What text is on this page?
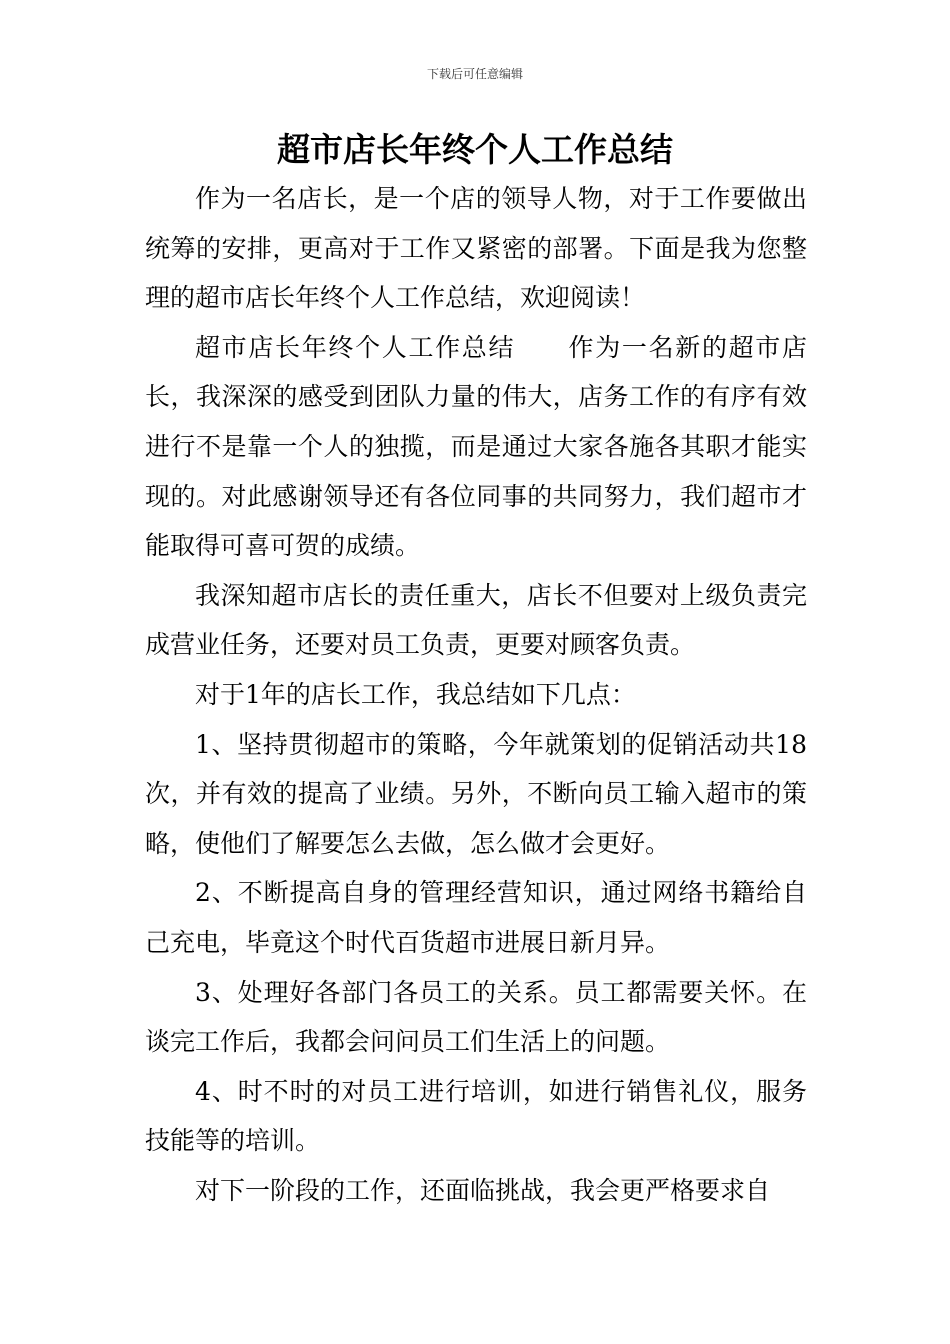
下载后可任意编辑
超市店长年终个人工作总结

作为一名店长，是一个店的领导人物，对于工作要做出统筹的安排，更高对于工作又紧密的部署。下面是我为您整理的超市店长年终个人工作总结，欢迎阅读！

超市店长年终个人工作总结　　作为一名新的超市店长，我深深的感受到团队力量的伟大，店务工作的有序有效进行不是靠一个人的独揽，而是通过大家各施各其职才能实现的。对此感谢领导还有各位同事的共同努力，我们超市才能取得可喜可贺的成绩。

我深知超市店长的责任重大，店长不但要对上级负责完成营业任务，还要对员工负责，更要对顾客负责。

对于1年的店长工作，我总结如下几点：

1、坚持贯彻超市的策略，今年就策划的促销活动共18次，并有效的提高了业绩。另外，不断向员工输入超市的策略，使他们了解要怎么去做，怎么做才会更好。

2、不断提高自身的管理经营知识，通过网络书籍给自己充电，毕竟这个时代百货超市进展日新月异。

3、处理好各部门各员工的关系。员工都需要关怀。在谈完工作后，我都会问问员工们生活上的问题。

4、时不时的对员工进行培训，如进行销售礼仪，服务技能等的培训。

对下一阶段的工作，还面临挑战，我会更严格要求自
